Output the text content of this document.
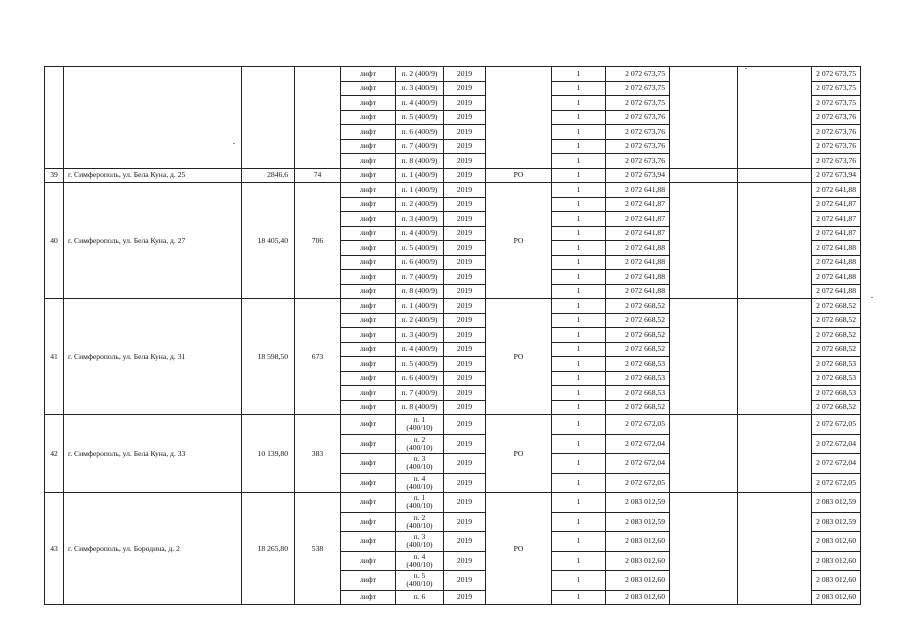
				лифт	п. 2 (400/9)	2019		1	2 072 673,75			2 072 673,75
				лифт	п. 3 (400/9)	2019		1	2 072 673,75			2 072 673,75
				лифт	п. 4 (400/9)	2019		1	2 072 673,75			2 072 673,75
				лифт	п. 5 (400/9)	2019		1	2 072 673,76			2 072 673,76
				лифт	п. 6 (400/9)	2019		1	2 072 673,76			2 072 673,76
				лифт	п. 7 (400/9)	2019		1	2 072 673,76			2 072 673,76
				лифт	п. 8 (400/9)	2019		1	2 072 673,76			2 072 673,76
39	г. Симферополь, ул. Бела Куна, д. 25	2846,6	74	лифт	п. 1 (400/9)	2019	РО	1	2 072 673,94			2 072 673,94
40	г. Симферополь, ул. Бела Куна, д. 27	18 405,40	706	лифт	п. 1 (400/9)	2019	РО	1	2 072 641,88			2 072 641,88
				лифт	п. 2 (400/9)	2019		1	2 072 641,87			2 072 641,87
				лифт	п. 3 (400/9)	2019		1	2 072 641,87			2 072 641,87
				лифт	п. 4 (400/9)	2019		1	2 072 641,87			2 072 641,87
				лифт	п. 5 (400/9)	2019		1	2 072 641,88			2 072 641,88
				лифт	п. 6 (400/9)	2019		1	2 072 641,88			2 072 641,88
				лифт	п. 7 (400/9)	2019		1	2 072 641,88			2 072 641,88
				лифт	п. 8 (400/9)	2019		1	2 072 641,88			2 072 641,88
41	г. Симферополь, ул. Бела Куна, д. 31	18 598,50	673	лифт	п. 1 (400/9)	2019	РО	1	2 072 668,52			2 072 668,52
				лифт	п. 2 (400/9)	2019		1	2 072 668,52			2 072 668,52
				лифт	п. 3 (400/9)	2019		1	2 072 668,52			2 072 668,52
				лифт	п. 4 (400/9)	2019		1	2 072 668,52			2 072 668,52
				лифт	п. 5 (400/9)	2019		1	2 072 668,53			2 072 668,53
				лифт	п. 6 (400/9)	2019		1	2 072 668,53			2 072 668,53
				лифт	п. 7 (400/9)	2019		1	2 072 668,53			2 072 668,53
				лифт	п. 8 (400/9)	2019		1	2 072 668,52			2 072 668,52
42	г. Симферополь, ул. Бела Куна, д. 33	10 139,80	383	лифт	п. 1
(400/10)	2019	РО	1	2 072 672,05			2 072 672,05
				лифт	п. 2
(400/10)	2019		1	2 072 672,04			2 072 672,04
				лифт	п. 3
(400/10)	2019		1	2 072 672,04			2 072 672,04
				лифт	п. 4
(400/10)	2019		1	2 072 672,05			2 072 672,05
43	г. Симферополь, ул. Бородина, д. 2	18 265,80	538	лифт	п. 1
(400/10)	2019	РО	1	2 083 012,59			2 083 012,59
				лифт	п. 2
(400/10)	2019		1	2 083 012,59			2 083 012,59
				лифт	п. 3
(400/10)	2019		1	2 083 012,60			2 083 012,60
				лифт	п. 4
(400/10)	2019		1	2 083 012,60			2 083 012,60
				лифт	п. 5
(400/10)	2019		1	2 083 012,60			2 083 012,60
				лифт	п. 6	2019		1	2 083 012,60			2 083 012,60
